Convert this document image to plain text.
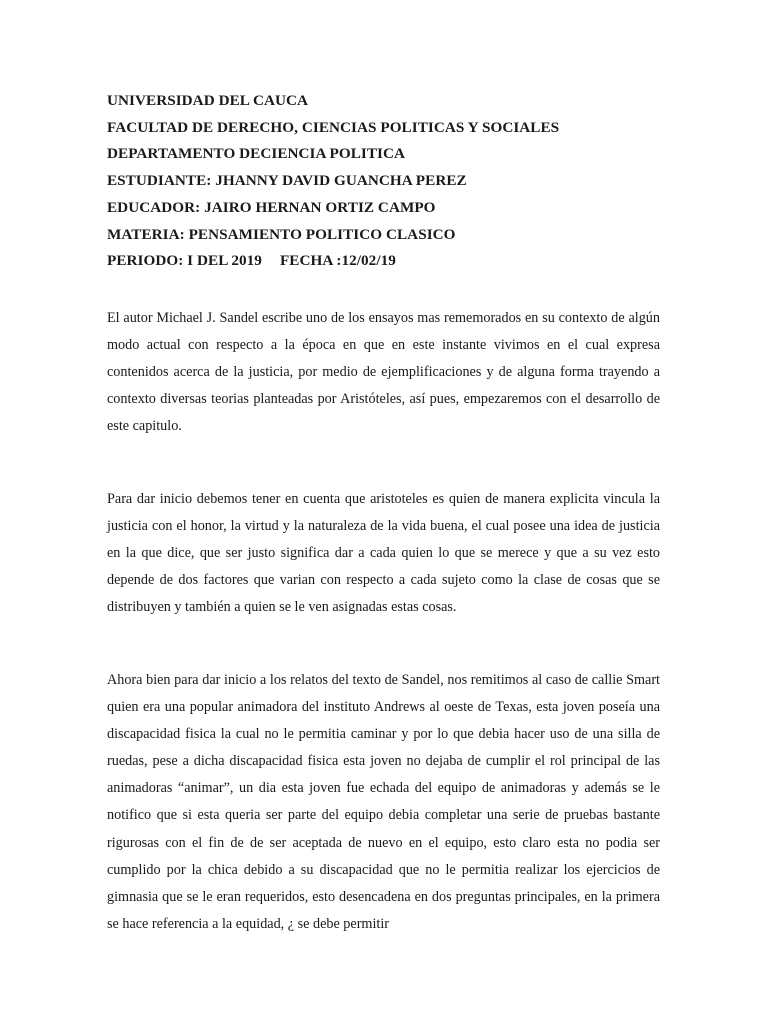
UNIVERSIDAD DEL CAUCA
FACULTAD DE DERECHO, CIENCIAS POLITICAS Y SOCIALES
DEPARTAMENTO DECIENCIA POLITICA
ESTUDIANTE: JHANNY DAVID GUANCHA PEREZ
EDUCADOR: JAIRO HERNAN ORTIZ CAMPO
MATERIA: PENSAMIENTO POLITICO CLASICO
PERIODO: I DEL 2019 FECHA :12/02/19

El autor Michael J. Sandel escribe uno de los ensayos mas rememorados en su contexto de algún modo actual con respecto a la época en que en este instante vivimos en el cual expresa contenidos acerca de la justicia, por medio de ejemplificaciones y de alguna forma trayendo a contexto diversas teorias planteadas por Aristóteles, así pues, empezaremos con el desarrollo de este capitulo.

Para dar inicio debemos tener en cuenta que aristoteles es quien de manera explicita vincula la justicia con el honor, la virtud y la naturaleza de la vida buena, el cual posee una idea de justicia en la que dice, que ser justo significa dar a cada quien lo que se merece y que a su vez esto depende de dos factores que varian con respecto a cada sujeto como la clase de cosas que se distribuyen y también a quien se le ven asignadas estas cosas.

Ahora bien para dar inicio a los relatos del texto de Sandel, nos remitimos al caso de callie Smart quien era una popular animadora del instituto Andrews al oeste de Texas, esta joven poseía una discapacidad fisica la cual no le permitia caminar y por lo que debia hacer uso de una silla de ruedas, pese a dicha discapacidad fisica esta joven no dejaba de cumplir el rol principal de las animadoras “animar”, un dia esta joven fue echada del equipo de animadoras y además se le notifico que si esta queria ser parte del equipo debia completar una serie de pruebas bastante rigurosas con el fin de de ser aceptada de nuevo en el equipo, esto claro esta no podia ser cumplido por la chica debido a su discapacidad que no le permitia realizar los ejercicios de gimnasia que se le eran requeridos, esto desencadena en dos preguntas principales, en la primera se hace referencia a la equidad, ¿ se debe permitir
